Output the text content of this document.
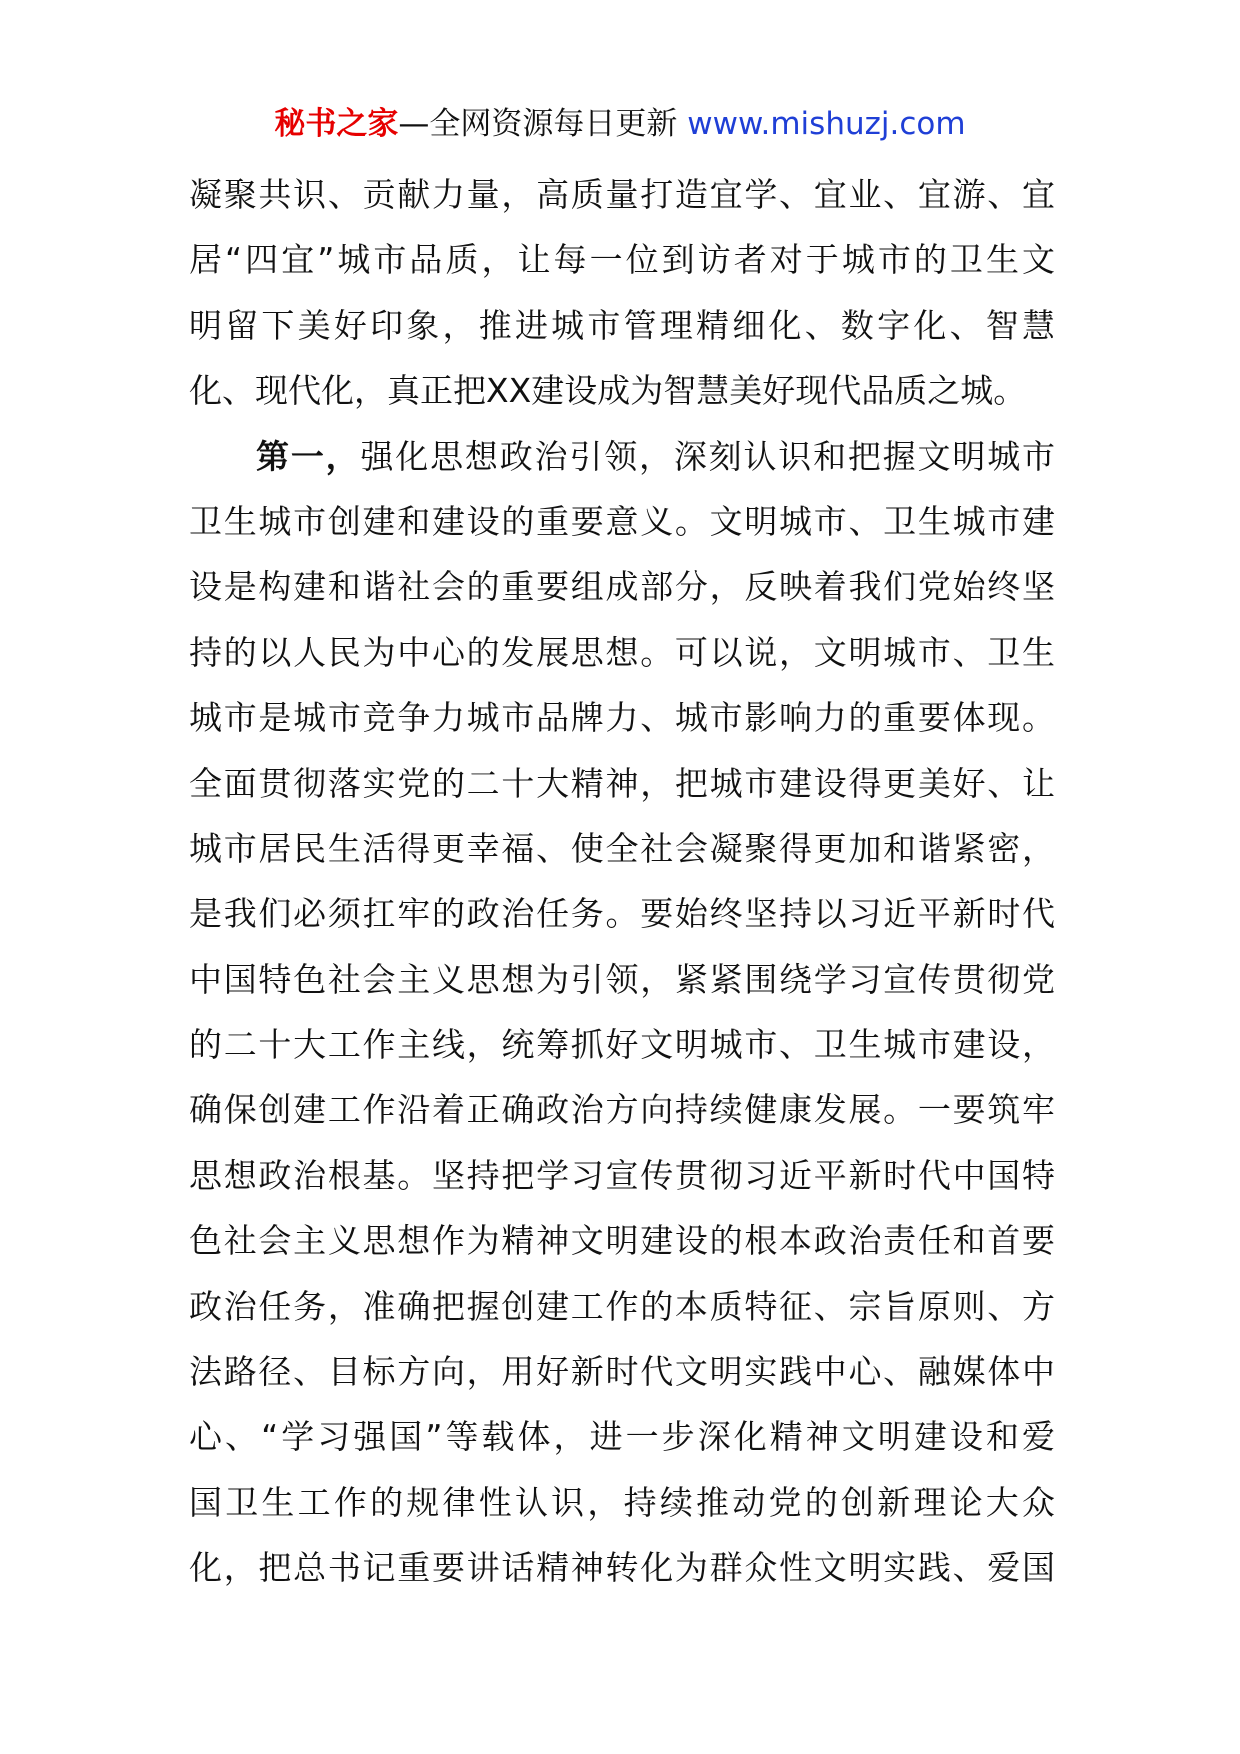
秘书之家—全网资源每日更新 www.mishuzj.com
凝聚共识、贡献力量，高质量打造宜学、宜业、宜游、宜
居“四宜”城市品质，让每一位到访者对于城市的卫生文
明留下美好印象，推进城市管理精细化、数字化、智慧
化、现代化，真正把XX建设成为智慧美好现代品质之城。
第一，强化思想政治引领，深刻认识和把握文明城市
卫生城市创建和建设的重要意义。文明城市、卫生城市建
设是构建和谐社会的重要组成部分，反映着我们党始终坚
持的以人民为中心的发展思想。可以说，文明城市、卫生
城市是城市竞争力城市品牌力、城市影响力的重要体现。
全面贯彻落实党的二十大精神，把城市建设得更美好、让
城市居民生活得更幸福、使全社会凝聚得更加和谐紧密，
是我们必须扛牢的政治任务。要始终坚持以习近平新时代
中国特色社会主义思想为引领，紧紧围绕学习宣传贯彻党
的二十大工作主线，统筹抓好文明城市、卫生城市建设，
确保创建工作沿着正确政治方向持续健康发展。一要筑牢
思想政治根基。坚持把学习宣传贯彻习近平新时代中国特
色社会主义思想作为精神文明建设的根本政治责任和首要
政治任务，准确把握创建工作的本质特征、宗旨原则、方
法路径、目标方向，用好新时代文明实践中心、融媒体中
心、“学习强国”等载体，进一步深化精神文明建设和爱
国卫生工作的规律性认识，持续推动党的创新理论大众
化，把总书记重要讲话精神转化为群众性文明实践、爱国
